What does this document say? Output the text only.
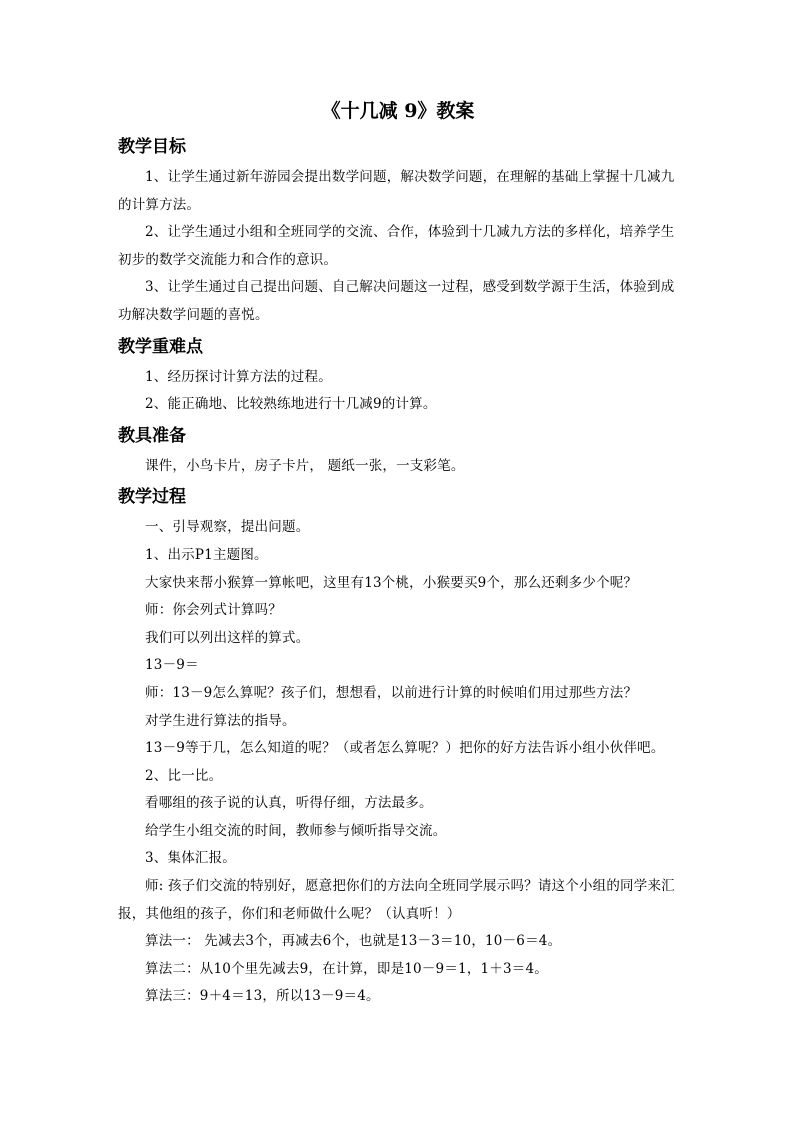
《十几减 9》教案
教学目标

1、让学生通过新年游园会提出数学问题，解决数学问题，在理解的基础上掌握十几减九的计算方法。

2、让学生通过小组和全班同学的交流、合作，体验到十几减九方法的多样化，培养学生初步的数学交流能力和合作的意识。

3、让学生通过自己提出问题、自己解决问题这一过程，感受到数学源于生活，体验到成功解决数学问题的喜悦。

教学重难点

1、经历探讨计算方法的过程。

2、能正确地、比较熟练地进行十几减9的计算。

教具准备

课件，小鸟卡片，房子卡片， 题纸一张，一支彩笔。

教学过程

一、引导观察，提出问题。

1、出示P1主题图。

大家快来帮小猴算一算帐吧，这里有13个桃，小猴要买9个，那么还剩多少个呢？

师：你会列式计算吗？

我们可以列出这样的算式。

13－9＝

师：13－9怎么算呢？孩子们，想想看，以前进行计算的时候咱们用过那些方法？

对学生进行算法的指导。

13－9等于几，怎么知道的呢？（或者怎么算呢？）把你的好方法告诉小组小伙伴吧。

2、比一比。

看哪组的孩子说的认真，听得仔细，方法最多。

给学生小组交流的时间，教师参与倾听指导交流。

3、集体汇报。

师: 孩子们交流的特别好，愿意把你们的方法向全班同学展示吗？请这个小组的同学来汇报，其他组的孩子，你们和老师做什么呢？（认真听！）

算法一： 先减去3个，再减去6个，也就是13－3＝10，10－6＝4。

算法二：从10个里先减去9，在计算，即是10－9＝1，1＋3＝4。

算法三：9＋4＝13，所以13－9＝4。
